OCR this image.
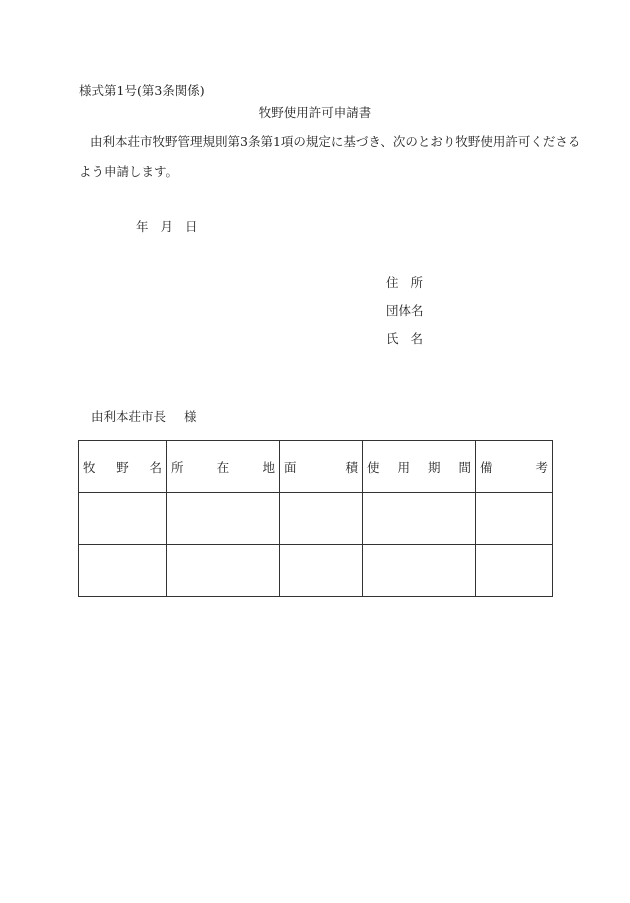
様式第1号(第3条関係)
牧野使用許可申請書
由利本荘市牧野管理規則第3条第1項の規定に基づき、次のとおり牧野使用許可くださる
よう申請します。
年 月 日
住所
団体名
氏名
由利本荘市長 様
牧 野 名	所 在 地	面 積	使 用 期 間	備 考
